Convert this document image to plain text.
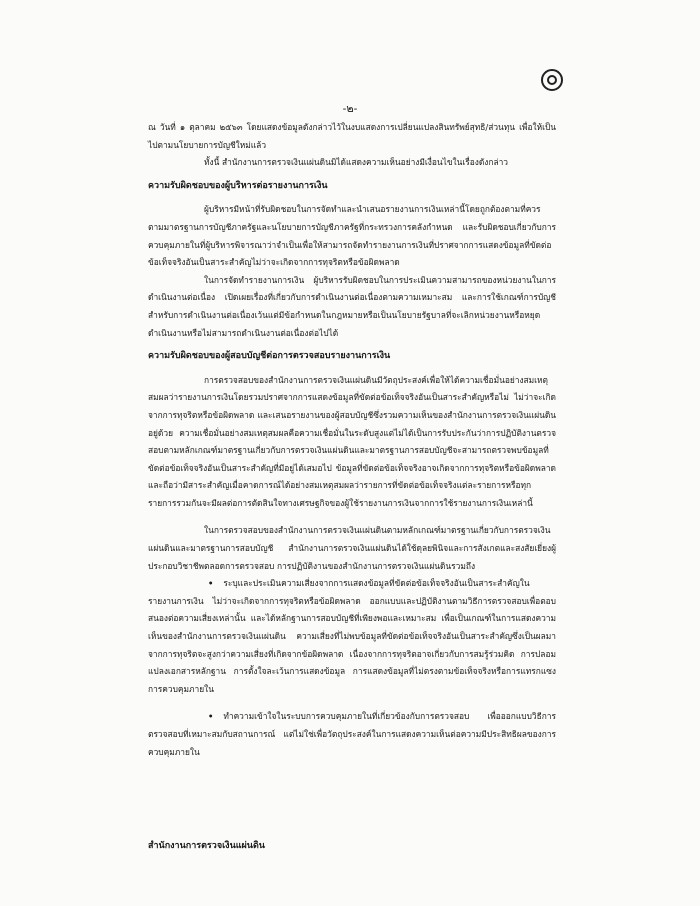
-๒-

ณ วันที่ ๑ ตุลาคม ๒๕๖๓ โดยแสดงข้อมูลดังกล่าวไว้ในงบแสดงการเปลี่ยนแปลงสินทรัพย์สุทธิ/ส่วนทุน เพื่อให้เป็นไปตามนโยบายการบัญชีใหม่แล้ว

ทั้งนี้ สำนักงานการตรวจเงินแผ่นดินมิได้แสดงความเห็นอย่างมีเงื่อนไขในเรื่องดังกล่าว

ความรับผิดชอบของผู้บริหารต่อรายงานการเงิน

ผู้บริหารมีหน้าที่รับผิดชอบในการจัดทำและนำเสนอรายงานการเงินเหล่านี้โดยถูกต้องตามที่ควรตามมาตรฐานการบัญชีภาครัฐและนโยบายการบัญชีภาครัฐที่กระทรวงการคลังกำหนด และรับผิดชอบเกี่ยวกับการควบคุมภายในที่ผู้บริหารพิจารณาว่าจำเป็นเพื่อให้สามารถจัดทำรายงานการเงินที่ปราศจากการแสดงข้อมูลที่ขัดต่อข้อเท็จจริงอันเป็นสาระสำคัญไม่ว่าจะเกิดจากการทุจริตหรือข้อผิดพลาด

ในการจัดทำรายงานการเงิน ผู้บริหารรับผิดชอบในการประเมินความสามารถของหน่วยงานในการดำเนินงานต่อเนื่อง เปิดเผยเรื่องที่เกี่ยวกับการดำเนินงานต่อเนื่องตามความเหมาะสม และการใช้เกณฑ์การบัญชีสำหรับการดำเนินงานต่อเนื่องเว้นแต่มีข้อกำหนดในกฎหมายหรือเป็นนโยบายรัฐบาลที่จะเลิกหน่วยงานหรือหยุดดำเนินงานหรือไม่สามารถดำเนินงานต่อเนื่องต่อไปได้

ความรับผิดชอบของผู้สอบบัญชีต่อการตรวจสอบรายงานการเงิน

การตรวจสอบของสำนักงานการตรวจเงินแผ่นดินมีวัตถุประสงค์เพื่อให้ได้ความเชื่อมั่นอย่างสมเหตุสมผลว่ารายงานการเงินโดยรวมปราศจากการแสดงข้อมูลที่ขัดต่อข้อเท็จจริงอันเป็นสาระสำคัญหรือไม่ ไม่ว่าจะเกิดจากการทุจริตหรือข้อผิดพลาด และเสนอรายงานของผู้สอบบัญชีซึ่งรวมความเห็นของสำนักงานการตรวจเงินแผ่นดินอยู่ด้วย ความเชื่อมั่นอย่างสมเหตุสมผลคือความเชื่อมั่นในระดับสูงแต่ไม่ได้เป็นการรับประกันว่าการปฏิบัติงานตรวจสอบตามหลักเกณฑ์มาตรฐานเกี่ยวกับการตรวจเงินแผ่นดินและมาตรฐานการสอบบัญชีจะสามารถตรวจพบข้อมูลที่ขัดต่อข้อเท็จจริงอันเป็นสาระสำคัญที่มีอยู่ได้เสมอไป ข้อมูลที่ขัดต่อข้อเท็จจริงอาจเกิดจากการทุจริตหรือข้อผิดพลาด และถือว่ามีสาระสำคัญเมื่อคาดการณ์ได้อย่างสมเหตุสมผลว่ารายการที่ขัดต่อข้อเท็จจริงแต่ละรายการหรือทุกรายการรวมกันจะมีผลต่อการตัดสินใจทางเศรษฐกิจของผู้ใช้รายงานการเงินจากการใช้รายงานการเงินเหล่านี้

ในการตรวจสอบของสำนักงานการตรวจเงินแผ่นดินตามหลักเกณฑ์มาตรฐานเกี่ยวกับการตรวจเงินแผ่นดินและมาตรฐานการสอบบัญชี สำนักงานการตรวจเงินแผ่นดินได้ใช้ดุลยพินิจและการสังเกตและสงสัยเยี่ยงผู้ประกอบวิชาชีพตลอดการตรวจสอบ การปฏิบัติงานของสำนักงานการตรวจเงินแผ่นดินรวมถึง

• ระบุและประเมินความเสี่ยงจากการแสดงข้อมูลที่ขัดต่อข้อเท็จจริงอันเป็นสาระสำคัญในรายงานการเงิน ไม่ว่าจะเกิดจากการทุจริตหรือข้อผิดพลาด ออกแบบและปฏิบัติงานตามวิธีการตรวจสอบเพื่อตอบสนองต่อความเสี่ยงเหล่านั้น และได้หลักฐานการสอบบัญชีที่เพียงพอและเหมาะสม เพื่อเป็นเกณฑ์ในการแสดงความเห็นของสำนักงานการตรวจเงินแผ่นดิน ความเสี่ยงที่ไม่พบข้อมูลที่ขัดต่อข้อเท็จจริงอันเป็นสาระสำคัญซึ่งเป็นผลมาจากการทุจริตจะสูงกว่าความเสี่ยงที่เกิดจากข้อผิดพลาด เนื่องจากการทุจริตอาจเกี่ยวกับการสมรู้ร่วมคิด การปลอมแปลงเอกสารหลักฐาน การตั้งใจละเว้นการแสดงข้อมูล การแสดงข้อมูลที่ไม่ตรงตามข้อเท็จจริงหรือการแทรกแซงการควบคุมภายใน

• ทำความเข้าใจในระบบการควบคุมภายในที่เกี่ยวข้องกับการตรวจสอบ เพื่อออกแบบวิธีการตรวจสอบที่เหมาะสมกับสถานการณ์ แต่ไม่ใช่เพื่อวัตถุประสงค์ในการแสดงความเห็นต่อความมีประสิทธิผลของการควบคุมภายใน

สำนักงานการตรวจเงินแผ่นดิน
